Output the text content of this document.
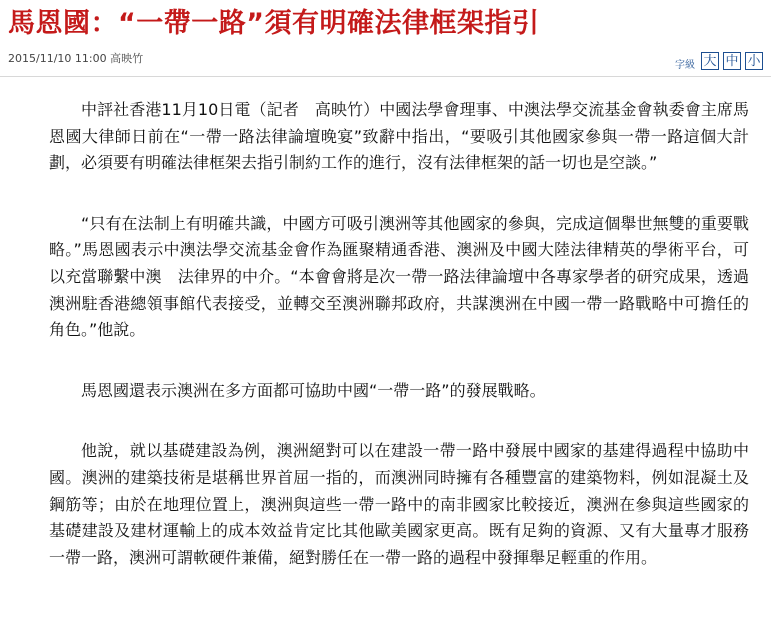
馬恩國：“一帶一路”須有明確法律框架指引
2015/11/10 11:00 高映竹
字級 大 中 小

中評社香港11月10日電（記者　高映竹）中國法學會理事、中澳法學交流基金會執委會主席馬恩國大律師日前在“一帶一路法律論壇晚宴”致辭中指出，“要吸引其他國家參與一帶一路這個大計劃，必須要有明確法律框架去指引制約工作的進行，沒有法律框架的話一切也是空談。”

“只有在法制上有明確共識，中國方可吸引澳洲等其他國家的參與，完成這個舉世無雙的重要戰略。”馬恩國表示中澳法學交流基金會作為匯聚精通香港、澳洲及中國大陸法律精英的學術平台，可以充當聯繫中澳　法律界的中介。“本會會將是次一帶一路法律論壇中各專家學者的研究成果，透過澳洲駐香港總領事館代表接受，並轉交至澳洲聯邦政府，共謀澳洲在中國一帶一路戰略中可擔任的角色。”他說。

馬恩國還表示澳洲在多方面都可協助中國“一帶一路”的發展戰略。

他說，就以基礎建設為例，澳洲絕對可以在建設一帶一路中發展中國家的基建得過程中協助中國。澳洲的建築技術是堪稱世界首屈一指的，而澳洲同時擁有各種豐富的建築物料，例如混凝土及鋼筋等；由於在地理位置上，澳洲與這些一帶一路中的南非國家比較接近，澳洲在參與這些國家的基礎建設及建材運輸上的成本效益肯定比其他歐美國家更高。既有足夠的資源、又有大量專才服務一帶一路，澳洲可謂軟硬件兼備，絕對勝任在一帶一路的過程中發揮舉足輕重的作用。
